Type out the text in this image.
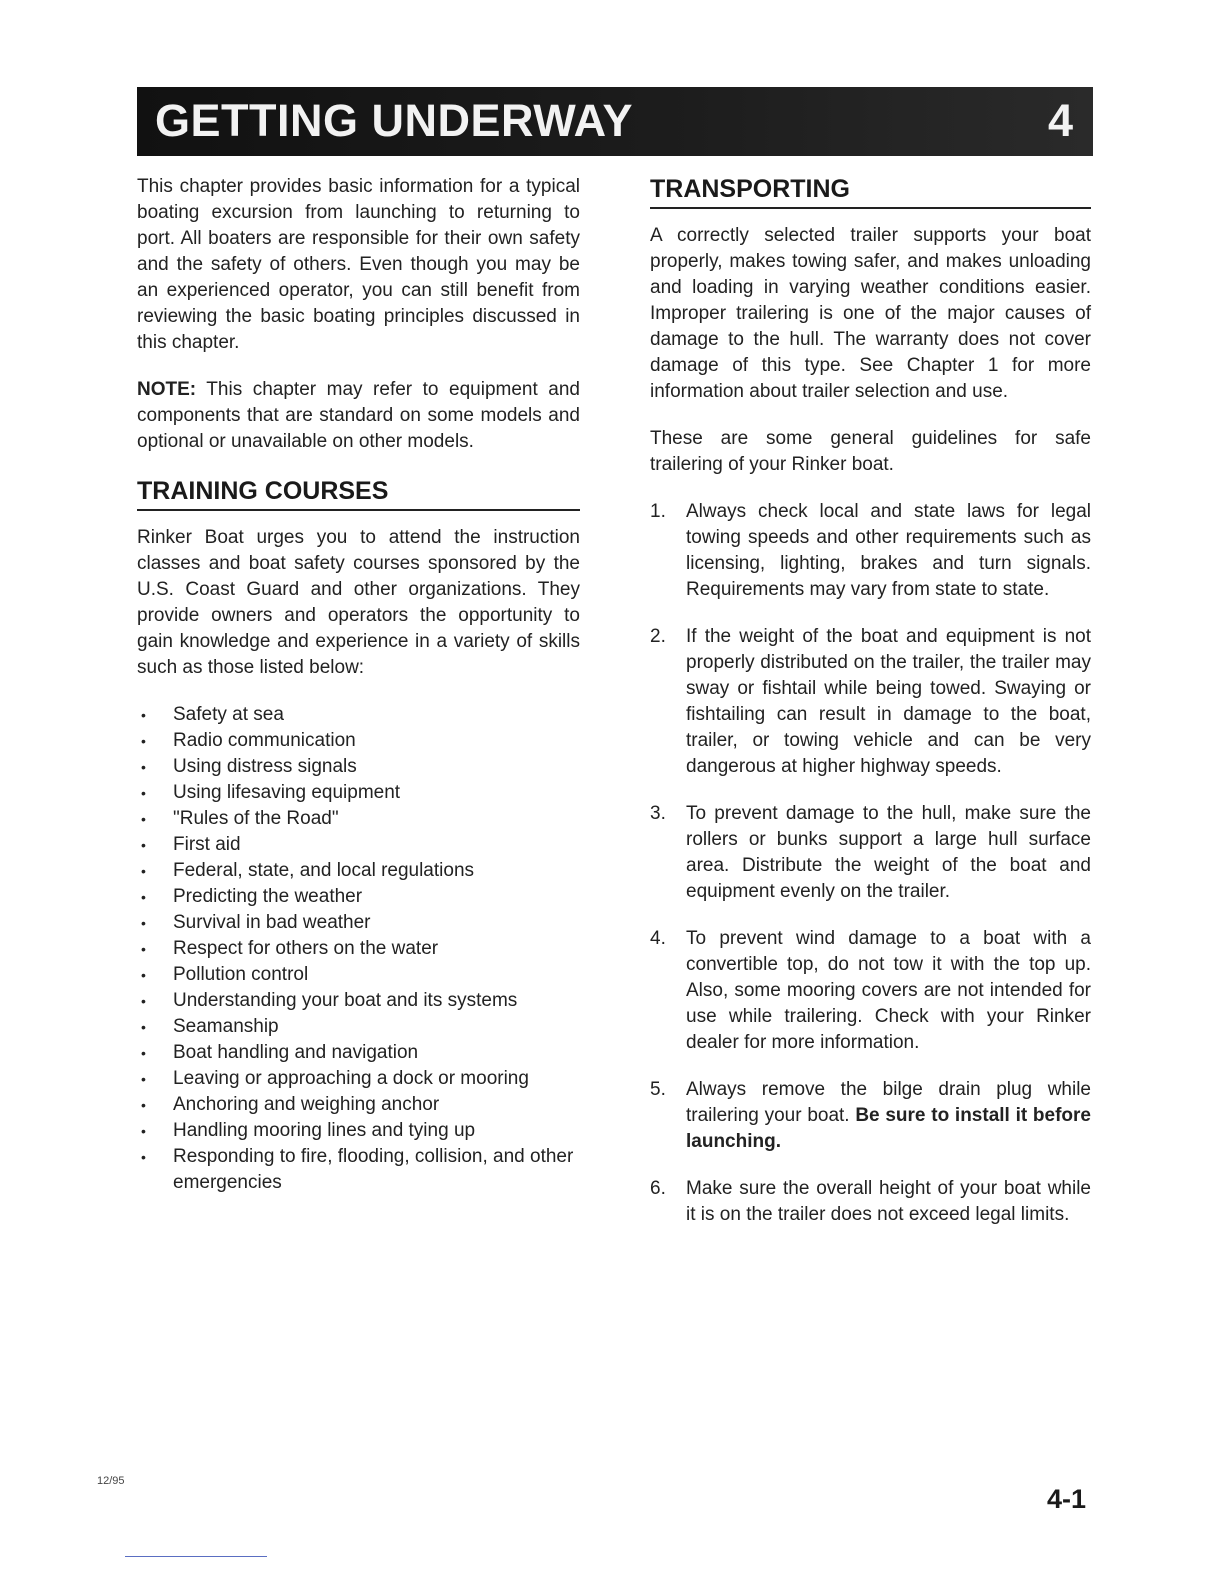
GETTING UNDERWAY	4

This chapter provides basic information for a typical boating excursion from launching to returning to port. All boaters are responsible for their own safety and the safety of others. Even though you may be an experienced operator, you can still benefit from reviewing the basic boating principles discussed in this chapter.

NOTE: This chapter may refer to equipment and components that are standard on some models and optional or unavailable on other models.

TRAINING COURSES

Rinker Boat urges you to attend the instruction classes and boat safety courses sponsored by the U.S. Coast Guard and other organizations. They provide owners and operators the opportunity to gain knowledge and experience in a variety of skills such as those listed below:

• Safety at sea
• Radio communication
• Using distress signals
• Using lifesaving equipment
• "Rules of the Road"
• First aid
• Federal, state, and local regulations
• Predicting the weather
• Survival in bad weather
• Respect for others on the water
• Pollution control
• Understanding your boat and its systems
• Seamanship
• Boat handling and navigation
• Leaving or approaching a dock or mooring
• Anchoring and weighing anchor
• Handling mooring lines and tying up
• Responding to fire, flooding, collision, and other emergencies
TRANSPORTING

A correctly selected trailer supports your boat properly, makes towing safer, and makes unloading and loading in varying weather conditions easier. Improper trailering is one of the major causes of damage to the hull. The warranty does not cover damage of this type. See Chapter 1 for more information about trailer selection and use.

These are some general guidelines for safe trailering of your Rinker boat.

1. Always check local and state laws for legal towing speeds and other requirements such as licensing, lighting, brakes and turn signals. Requirements may vary from state to state.
2. If the weight of the boat and equipment is not properly distributed on the trailer, the trailer may sway or fishtail while being towed. Swaying or fishtailing can result in damage to the boat, trailer, or towing vehicle and can be very dangerous at higher highway speeds.
3. To prevent damage to the hull, make sure the rollers or bunks support a large hull surface area. Distribute the weight of the boat and equipment evenly on the trailer.
4. To prevent wind damage to a boat with a convertible top, do not tow it with the top up. Also, some mooring covers are not intended for use while trailering. Check with your Rinker dealer for more information.
5. Always remove the bilge drain plug while trailering your boat. Be sure to install it before launching.
6. Make sure the overall height of your boat while it is on the trailer does not exceed legal limits.
12/95
4-1
